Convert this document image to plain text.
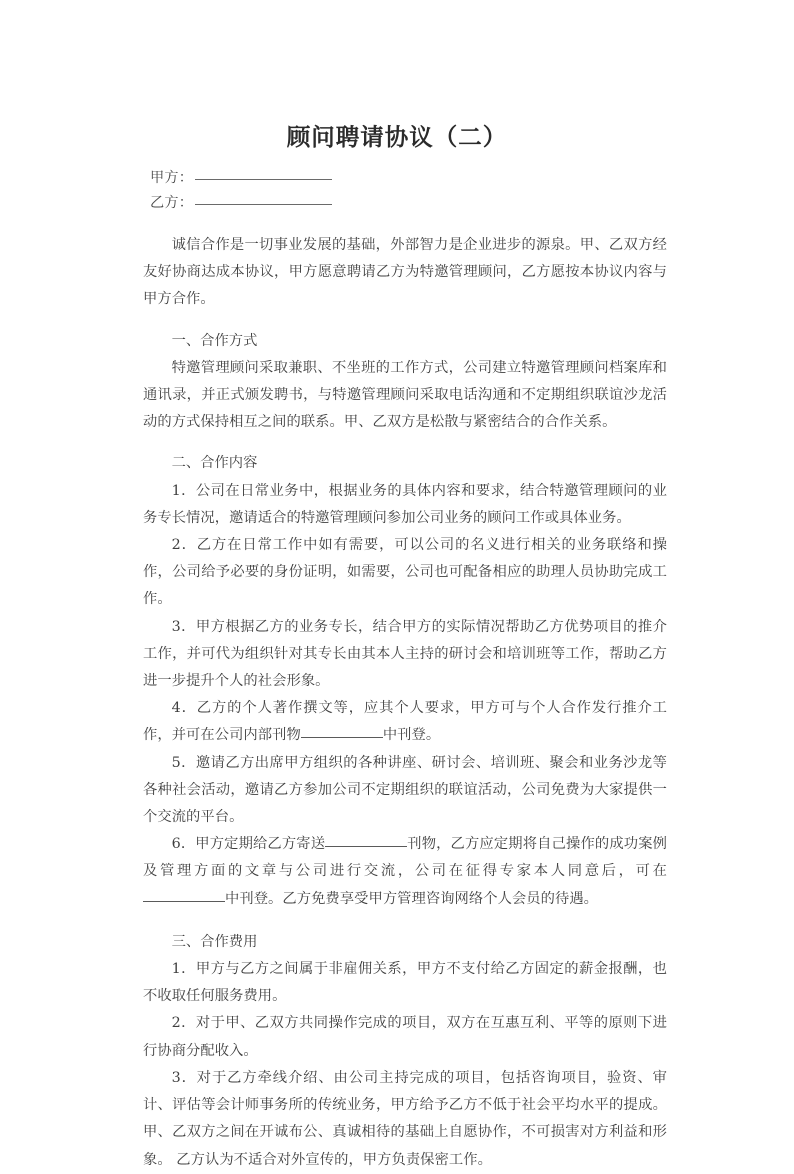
顾问聘请协议（二）
甲方：
乙方：

诚信合作是一切事业发展的基础，外部智力是企业进步的源泉。甲、乙双方经友好协商达成本协议，甲方愿意聘请乙方为特邀管理顾问，乙方愿按本协议内容与甲方合作。

一、合作方式

特邀管理顾问采取兼职、不坐班的工作方式，公司建立特邀管理顾问档案库和通讯录，并正式颁发聘书，与特邀管理顾问采取电话沟通和不定期组织联谊沙龙活动的方式保持相互之间的联系。甲、乙双方是松散与紧密结合的合作关系。

二、合作内容

1．公司在日常业务中，根据业务的具体内容和要求，结合特邀管理顾问的业务专长情况，邀请适合的特邀管理顾问参加公司业务的顾问工作或具体业务。

2．乙方在日常工作中如有需要，可以公司的名义进行相关的业务联络和操作，公司给予必要的身份证明，如需要，公司也可配备相应的助理人员协助完成工作。

3．甲方根据乙方的业务专长，结合甲方的实际情况帮助乙方优势项目的推介工作，并可代为组织针对其专长由其本人主持的研讨会和培训班等工作，帮助乙方进一步提升个人的社会形象。

4．乙方的个人著作撰文等，应其个人要求，甲方可与个人合作发行推介工作，并可在公司内部刊物	中刊登。

5．邀请乙方出席甲方组织的各种讲座、研讨会、培训班、聚会和业务沙龙等各种社会活动，邀请乙方参加公司不定期组织的联谊活动，公司免费为大家提供一个交流的平台。

6．甲方定期给乙方寄送	刊物，乙方应定期将自己操作的成功案例及管理方面的文章与公司进行交流，公司在征得专家本人同意后，可在中刊登。乙方免费享受甲方管理咨询网络个人会员的待遇。

三、合作费用

1．甲方与乙方之间属于非雇佣关系，甲方不支付给乙方固定的薪金报酬，也不收取任何服务费用。

2．对于甲、乙双方共同操作完成的项目，双方在互惠互利、平等的原则下进行协商分配收入。

3．对于乙方牵线介绍、由公司主持完成的项目，包括咨询项目，验资、审计、评估等会计师事务所的传统业务，甲方给予乙方不低于社会平均水平的提成。 甲、乙双方之间在开诚布公、真诚相待的基础上自愿协作，不可损害对方利益和形象。 乙方认为不适合对外宣传的，甲方负责保密工作。
